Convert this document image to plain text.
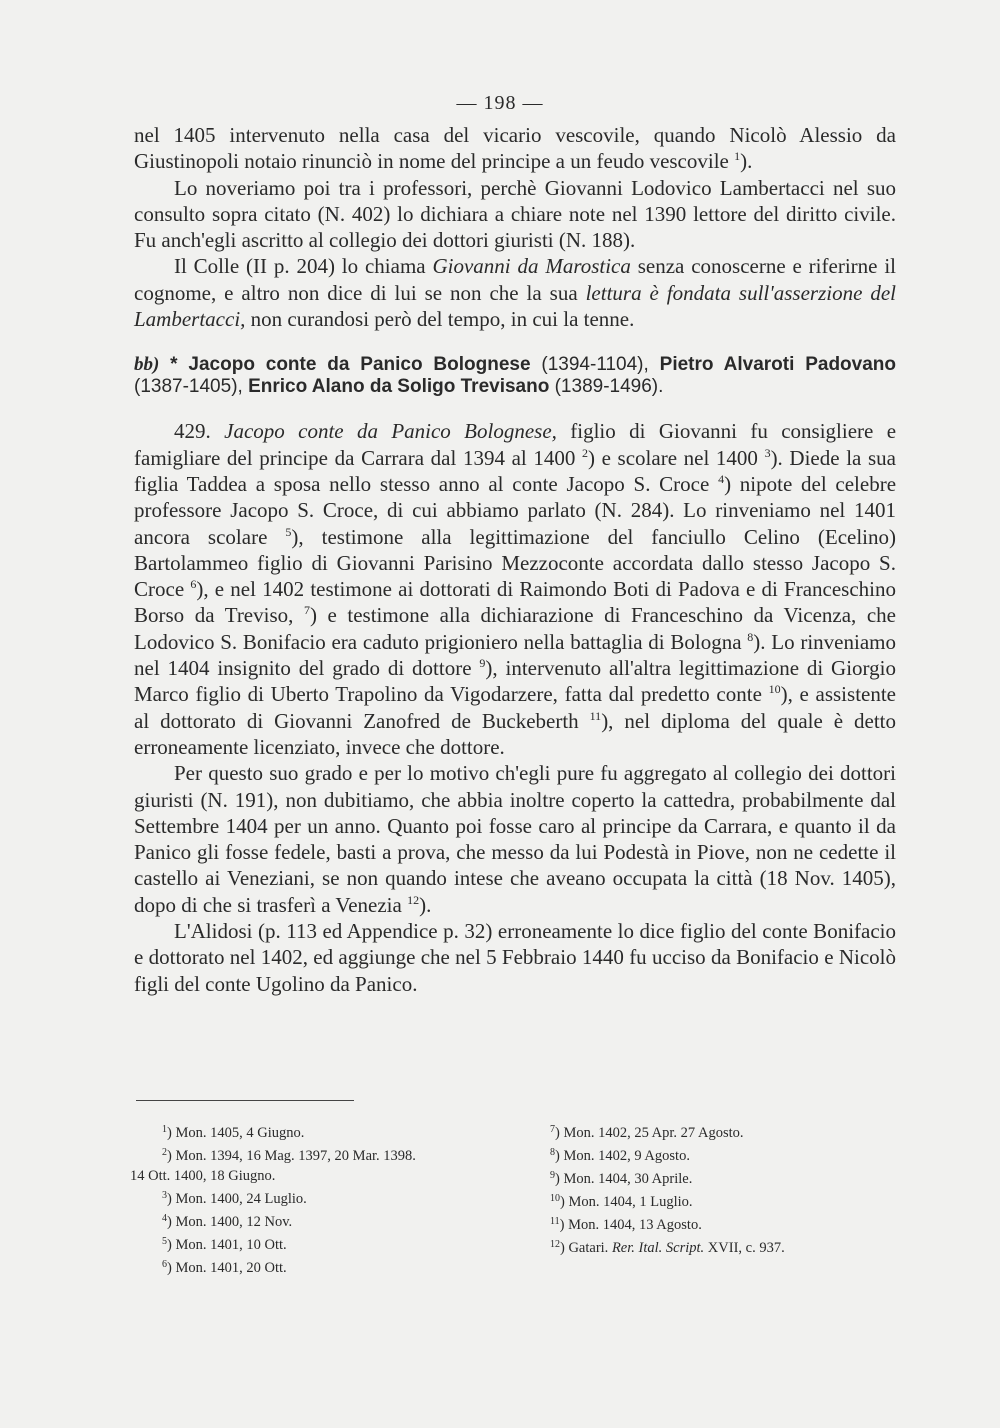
— 198 —

nel 1405 intervenuto nella casa del vicario vescovile, quando Nicolò Alessio da Giustinopoli notaio rinunciò in nome del principe a un feudo vescovile $^1$).

Lo noveriamo poi tra i professori, perchè Giovanni Lodovico Lambertacci nel suo consulto sopra citato (N. 402) lo dichiara a chiare note nel 1390 lettore del diritto civile. Fu anch'egli ascritto al collegio dei dottori giuristi (N. 188).

Il Colle (II p. 204) lo chiama Giovanni da Marostica senza conoscerne e riferirne il cognome, e altro non dice di lui se non che la sua lettura è fondata sull'asserzione del Lambertacci, non curandosi però del tempo, in cui la tenne.

bb) * Jacopo conte da Panico Bolognese (1394-1104), Pietro Alvaroti Padovano (1387-1405), Enrico Alano da Soligo Trevisano (1389-1496).

429. Jacopo conte da Panico Bolognese, figlio di Giovanni fu consigliere e famigliare del principe da Carrara dal 1394 al 1400 $^2$) e scolare nel 1400 $^3$). Diede la sua figlia Taddea a sposa nello stesso anno al conte Jacopo S. Croce $^4$) nipote del celebre professore Jacopo S. Croce, di cui abbiamo parlato (N. 284). Lo rinveniamo nel 1401 ancora scolare $^5$), testimone alla legittimazione del fanciullo Celino (Ecelino) Bartolammeo figlio di Giovanni Parisino Mezzoconte accordata dallo stesso Jacopo S. Croce $^6$), e nel 1402 testimone ai dottorati di Raimondo Boti di Padova e di Franceschino Borso da Treviso, $^7$) e testimone alla dichiarazione di Franceschino da Vicenza, che Lodovico S. Bonifacio era caduto prigioniero nella battaglia di Bologna $^8$). Lo rinveniamo nel 1404 insignito del grado di dottore $^9$), intervenuto all'altra legittimazione di Giorgio Marco figlio di Uberto Trapolino da Vigodarzere, fatta dal predetto conte $^{10}$), e assistente al dottorato di Giovanni Zanofred de Buckeberth $^{11}$), nel diploma del quale è detto erroneamente licenziato, invece che dottore.

Per questo suo grado e per lo motivo ch'egli pure fu aggregato al collegio dei dottori giuristi (N. 191), non dubitiamo, che abbia inoltre coperto la cattedra, probabilmente dal Settembre 1404 per un anno. Quanto poi fosse caro al principe da Carrara, e quanto il da Panico gli fosse fedele, basti a prova, che messo da lui Podestà in Piove, non ne cedette il castello ai Veneziani, se non quando intese che aveano occupata la città (18 Nov. 1405), dopo di che si trasferì a Venezia $^{12}$).

L'Alidosi (p. 113 ed Appendice p. 32) erroneamente lo dice figlio del conte Bonifacio e dottorato nel 1402, ed aggiunge che nel 5 Febbraio 1440 fu ucciso da Bonifacio e Nicolò figli del conte Ugolino da Panico.

$^1$) Mon. 1405, 4 Giugno.

$^2$) Mon. 1394, 16 Mag. 1397, 20 Mar. 1398.

14 Ott. 1400, 18 Giugno.

$^3$) Mon. 1400, 24 Luglio.

$^4$) Mon. 1400, 12 Nov.

$^5$) Mon. 1401, 10 Ott.

$^6$) Mon. 1401, 20 Ott.

$^7$) Mon. 1402, 25 Apr. 27 Agosto.

$^8$) Mon. 1402, 9 Agosto.

$^9$) Mon. 1404, 30 Aprile.

$^{10}$) Mon. 1404, 1 Luglio.

$^{11}$) Mon. 1404, 13 Agosto.

$^{12}$) Gatari. Rer. Ital. Script. XVII, c. 937.
